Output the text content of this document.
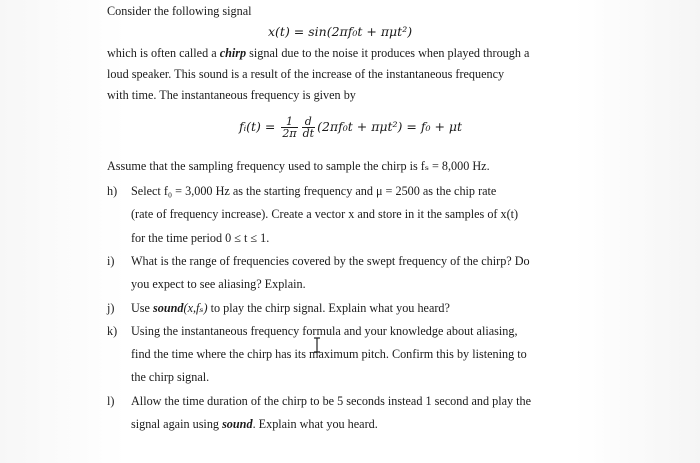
Consider the following signal
x(t) = sin(2πf₀t + πμt²)
which is often called a chirp signal due to the noise it produces when played through a
loud speaker. This sound is a result of the increase of the instantaneous frequency
with time. The instantaneous frequency is given by
fᵢ(t) = $\frac{1}{2\pi} \frac{d}{dt} (2\pi f_0t + \pi\mu t^2) = f_0 + \mu t$
Assume that the sampling frequency used to sample the chirp is fₛ = 8,000 Hz.
h) Select f₀ = 3,000 Hz as the starting frequency and μ = 2500 as the chip rate
(rate of frequency increase). Create a vector x and store in it the samples of x(t)
for the time period 0 ≤ t ≤ 1.
i) What is the range of frequencies covered by the swept frequency of the chirp? Do
you expect to see aliasing? Explain.
j) Use sound(x,fₛ) to play the chirp signal. Explain what you heard?
k) Using the instantaneous frequency formula and your knowledge about aliasing,
find the time where the chirp has its maximum pitch. Confirm this by listening to
the chirp signal.
l) Allow the time duration of the chirp to be 5 seconds instead 1 second and play the
signal again using sound. Explain what you heard.
